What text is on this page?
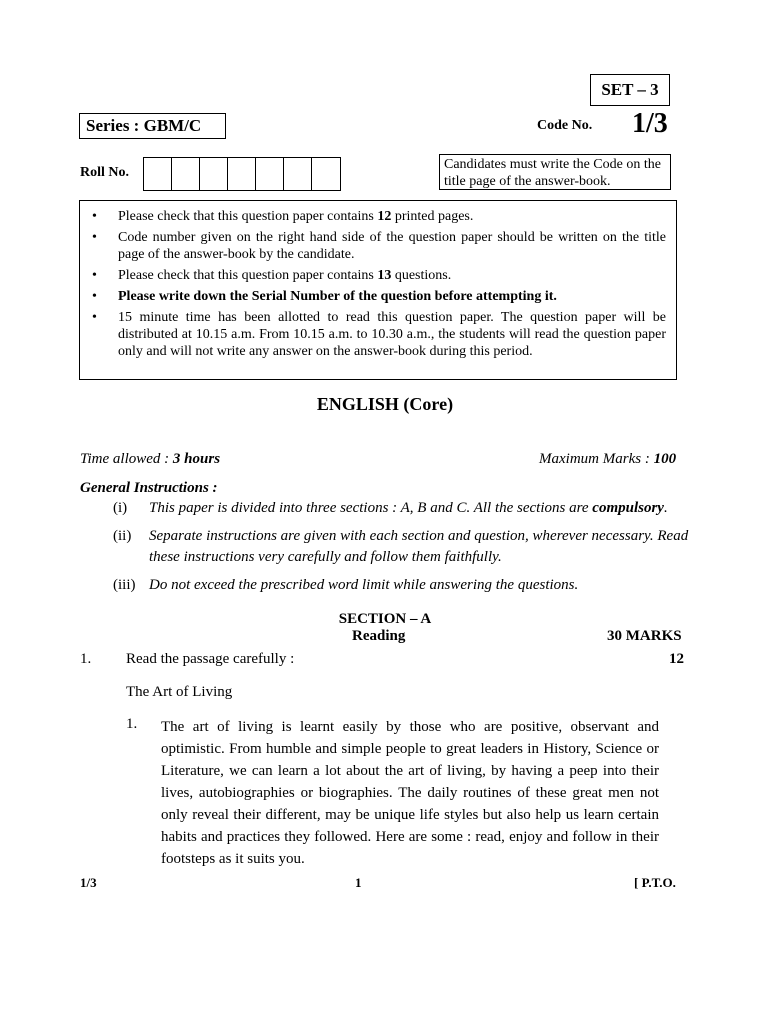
SET – 3
Series : GBM/C	Code No. 1/3
Roll No.
Candidates must write the Code on the title page of the answer-book.
• Please check that this question paper contains 12 printed pages.
• Code number given on the right hand side of the question paper should be written on the title page of the answer-book by the candidate.
• Please check that this question paper contains 13 questions.
• Please write down the Serial Number of the question before attempting it.
• 15 minute time has been allotted to read this question paper. The question paper will be distributed at 10.15 a.m. From 10.15 a.m. to 10.30 a.m., the students will read the question paper only and will not write any answer on the answer-book during this period.
ENGLISH (Core)
Time allowed : 3 hours	Maximum Marks : 100
General Instructions :
(i)	This paper is divided into three sections : A, B and C. All the sections are compulsory.
(ii)	Separate instructions are given with each section and question, wherever necessary. Read these instructions very carefully and follow them faithfully.
(iii) Do not exceed the prescribed word limit while answering the questions.
SECTION – A
Reading	30 MARKS
1. Read the passage carefully :	12
The Art of Living
1. The art of living is learnt easily by those who are positive, observant and optimistic. From humble and simple people to great leaders in History, Science or Literature, we can learn a lot about the art of living, by having a peep into their lives, autobiographies or biographies. The daily routines of these great men not only reveal their different, may be unique life styles but also help us learn certain habits and practices they followed. Here are some : read, enjoy and follow in their footsteps as it suits you.
1/3	1	[ P.T.O.
